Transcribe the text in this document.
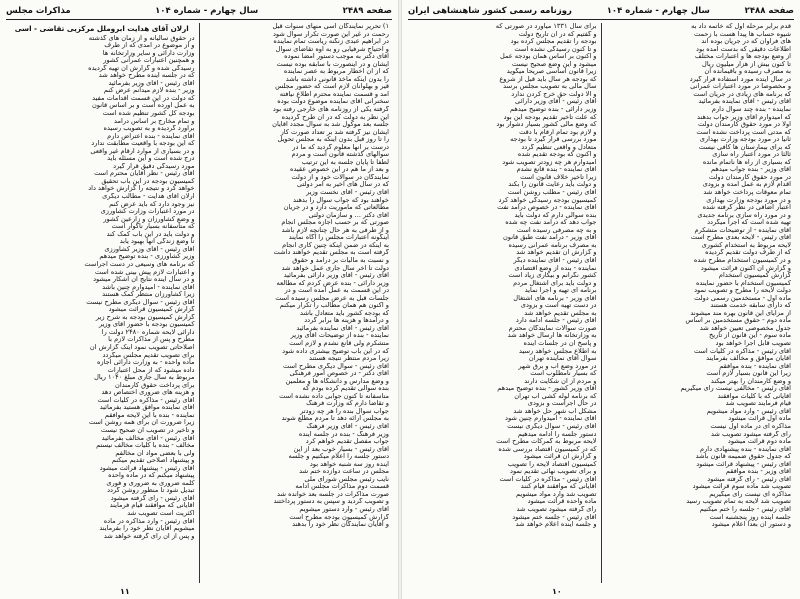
صفحه ۲۴۸۹
سال چهارم - شماره ۱۰۴
مذاکرات مجلس
۱) تحریر نمایندگان اسی منهای سنوات قبل
رحمت در غیر این صورت تکرار سوال شود
در ابراهیم عبدی زنگنه ریاست تمام نماینده
و احتیاج شرفیابی رو به اوه تقاضای سوال
آقای دکتر به موجب دستور امضا نموده
ایشان و در اینصورت با سابقه بوده نیست
که از آن اخطار مربوط به عصر نماینده
را بدون اینکه ماخذ قانونی داشته باشد
قیر و بهلوانان لازم است که حضور مجلس
آمد و قسمت نماینده محترم اطلاع نیافته
سخنرانی آقای نماینده موضوع دولت بوده
گرفته یکی از روزنامه های خارجی رفته بود
این نظر به دولت که در آن طرح گردیده
جلسه بعد موکول شد به سوال مجدد آقایان
ایشان نیز گرفته شد بر تعداد صورت کار
را تا روز قبل بدون اینکه به مجلس تحویل
درست بر آنها معلوم گردید که ما در
سوالهای گذشته قانون است و مردم
لطفاً تا پایان جلسه به این ترتیب
و بعد از ما هم در این خصوص عقیده
نمایندگان در سوالات خود و از دولت
که در سال های اخیر به امر دولتی
آقای رئیس - آقای نخست وزیر
خواهند بود که جواب سوال را بدهند
مطالعاتی که ماموریت دارد و در جریان
آقای دکتر ... و سازمان دولتی
صورتی که بر حسب اجازه مجلس انجام
و از طرفی به هر حال چنانچه لازم باشد
اینگونه اعتبارات مجلس را آگاه نمایند
به اینکه در ضمن اینکه چنین کاری انجام
گرفته است به مجلس تقدیم خواهند داشت
و نسبت به مالیات بر درآمد و حقوق
دولت تا آخر سال جاری عمل خواهد شد
آقای رئیس - آقای وزیر دارائی بفرمائید
وزیر دارائی - بنده عرض کردم که مطالعه
در این قسمت به عمل آمده است و در
جلسات قبل به عرض مجلس رسیده است
و اکنون هم همان مطالب را تکرار میکنم
که بودجه کشور باید متعادل باشد
و درآمدها و هزینه ها برابر گردد
آقای رئیس - آقای نماینده بفرمائید
نماینده - بنده از توضیحات آقای وزیر
متشکرم ولی قانع نشدم و لازم است
که در این باب توضیح بیشتری داده شود
زیرا مردم منتظر نتیجه هستند
آقای رئیس - سوال دیگری مطرح است
آقای دکتر - در خصوص امور فرهنگی
و وضع مدارس و دانشگاه ها و معلمین
بنده سوالی تقدیم کرده بودم که
متاسفانه تا کنون جوابی داده نشده است
و تقاضا دارم که وزارت فرهنگ
جواب سوال بنده را هر چه زودتر
به مجلس ارائه دهد تا مردم مطلع شوند
آقای رئیس - آقای وزیر فرهنگ
وزیر فرهنگ - بنده در جلسه آینده
جواب مفصل تقدیم خواهم کرد
آقای رئیس - بسیار خوب بعد از این
دستور جلسه را اعلام میکنیم و جلسه
آینده روز سه شنبه خواهد بود
مجلس در ساعت دوازده ختم شد
نایب رئیس مجلس شورای ملی
قسمت دوم مذاکرات مجلس ادامه
صورت مذاکرات در جلسه بعد خوانده شد
و تصویب گردید و سپس به دستور پرداختند
آقای رئیس - وارد دستور میشویم
گزارش کمیسیون بودجه مطرح است
و آقایان نمایندگان نظر خود را بدهند
ارلان آقای هدایت ابروملل مرکزیی تقاضی - اسی
در حقوق سالیانه و از زمان های گذشته
و از موضوع در آمدی که از طرف
وزارت دارائی و سایر وزارتخانه ها
و همچنین اعتبارات عمرانی کشور
رسیدگی شده و گزارش آن تهیه گردیده
که در جلسه آینده مطرح خواهد شد
آقای رئیس - آقای وزیر بفرمائید
وزیر - بنده لازم میدانم عرض کنم
که دولت در این قسمت اقدامات مفید
به عمل آورده است و بر اساس قانون
بودجه کل کشور تنظیم شده است
و تمام مخارج بر اساس درآمد
برآورد گردیده و به تصویب رسیده
آقای نماینده - بنده اعتراض دارم
که این بودجه با واقعیت مطابقت ندارد
و در بسیاری از موارد ارقام غیر واقعی
درج شده است و این مسئله باید
مورد رسیدگی دقیق قرار گیرد
آقای رئیس - نظر آقایان محترم است
کمیسیون بودجه در این باب تحقیق
خواهد کرد و نتیجه را گزارش خواهد داد
ارلان آقای هدایت - مطالب دیگری
نیز وجود دارد که باید عرض کنم
در مورد اعتبارات وزارت کشاورزی
و وضع کشاورزان و زارعین کشور
که متاسفانه بسیار ناگوار است
و دولت باید در این باب کمک کند
تا وضع زندگی آنها بهبود یابد
آقای رئیس - آقای وزیر کشاورزی
وزیر کشاورزی - بنده توضیح میدهم
که برنامه های وسیعی در دست اجراست
و اعتبارات لازم پیش بینی شده است
و در سال آینده نتایج آن آشکار میشود
آقای نماینده - امیدوارم چنین باشد
زیرا کشاورزان منتظر کمک هستند
آقای رئیس - سوال دیگری مطرح نیست
گزارش کمیسیون قرائت میشود
گزارش کمیسیون بودجه به شرح زیر
کمیسیون بودجه با حضور آقای وزیر
دارائی لایحه شماره ۲۴۸۰ دولت را
مطرح و پس از مذاکرات لازم با
اصلاحاتی تصویب نمود اینک گزارش آن
برای تصویب تقدیم مجلس میگردد
ماده واحده - به وزارت دارائی اجازه
داده میشود که از محل اعتبارات
مربوط به سال جاری مبلغ ۱۰۴۰ ریال
برای پرداخت حقوق کارمندان
و هزینه های ضروری اختصاص دهد
آقای رئیس - مذاکره در کلیات است
آقای نماینده موافق هستید بفرمائید
نماینده - بنده با این لایحه موافقم
زیرا ضرورت آن برای همه روشن است
و تاخیر در تصویب آن صحیح نیست
آقای رئیس - آقای مخالف بفرمائید
مخالف - بنده با کلیات مخالف نیستم
ولی با بعضی مواد آن مخالفم
و پیشنهاد اصلاحی تقدیم میکنم
آقای رئیس - پیشنهاد قرائت میشود
پیشنهاد میکنم که در ماده واحده
کلمه ضروری به ضروری و فوری
تبدیل شود تا منظور روشن گردد
آقای رئیس - رای گرفته میشود
آقایانی که موافقند قیام فرمایند
اکثریت است تصویب شد
آقای رئیس - وارد مذاکره در ماده
میشویم آقایان نظر خود را بفرمایند
و پس از آن رای گرفته خواهد شد
۱۱
صفحه ۲۴۸۸
سال چهارم - شماره ۱۰۴
روزنامه رسمی کشور شاهنشاهی ایران
قدم برابر مرحله اول که خاتمه داد به
شیوه حساب ها پیدا هست با زحمت
های فراوان که در جریان بوده اند
اطلاعات دقیقی که بدست آمده بود
از وضع بودجه ها و اعتبارات مختلف
تا کنون بیش از هزار میلیون ریال
به مصرف رسیده و باقیمانده آن
در سال آینده مورد استفاده قرار گیرد
و مخصوصاً در مورد اعتبارات عمرانی
که برنامه های زیادی در جریان است
آقای رئیس - آقای نماینده بفرمائید
نماینده - بنده چند سوال دارم
که امیدوارم آقای وزیر جواب بدهند
اولاً در مورد حقوق کارمندان دولت
که مدتی است پرداخت نشده است
ثانیاً در مورد بودجه وزارت بهداری
که برای بیمارستان ها کافی نیست
ثالثاً در مورد اعتبار راه سازی
که بسیاری از راه ها ناتمام مانده
آقای وزیر - بنده جواب میدهم
در مورد حقوق کارمندان دولت
اقدام لازم به عمل آمده و بزودی
تمام معوقات پرداخت خواهد شد
و در مورد بودجه وزارت بهداری
اعتبار اضافی در نظر گرفته شده
و در مورد راه سازی برنامه جدیدی
تهیه شده است که اجرا میگردد
آقای نماینده - از توضیحات متشکرم
آقای رئیس - لایحه بعدی مطرح است
لایحه مربوط به استخدام کشوری
که از طرف دولت تقدیم گردیده
و در کمیسیون استخدام مطرح شده
و گزارش آن اکنون قرائت میشود
گزارش کمیسیون استخدام
کمیسیون استخدام با حضور نماینده
دولت لایحه را مطرح و تصویب نمود
ماده اول - مستخدمین رسمی دولت
که دارای سابقه خدمت هستند
از مزایای این قانون بهره مند میشوند
ماده دوم - حقوق مستخدمین بر اساس
جدول مخصوصی تعیین خواهد شد
ماده سوم - این قانون از تاریخ
تصویب قابل اجرا خواهد بود
آقای رئیس - مذاکره در کلیات است
آقایان موافق و مخالف بفرمایند
آقای نماینده - بنده موافقم
زیرا این قانون بسیار لازم است
و وضع کارمندان را بهتر میکند
آقای رئیس - مخالفی نیست رای میگیریم
آقایانی که با کلیات موافقند
قیام فرمایند تصویب شد
آقای رئیس - وارد مواد میشویم
ماده اول قرائت میشود
مذاکره ای در ماده اول نیست
رای گرفته میشود تصویب شد
ماده دوم قرائت میشود
آقای نماینده - بنده پیشنهادی دارم
که جدول حقوق ضمیمه قانون باشد
آقای رئیس - پیشنهاد قرائت میشود
آقای وزیر - بنده موافقم
آقای رئیس - رای گرفته میشود
تصویب شد ماده سوم قرائت میشود
مذاکره ای نیست رای میگیریم
تصویب شد لایحه به تمام تصویب رسید
آقای رئیس - جلسه را ختم میکنیم
جلسه آینده روز پنجشنبه است
و دستور آن بعداً اعلام میشود
برای سال ۱۳۳۱ میآورد در صورتی که
و گفتیم که در آن تاریخ دولت
بودجه را تقدیم مجلس کرده بود
و تا کنون رسیدگی نشده است
و اکنون بر اساس همان بودجه عمل
میشود و این وضع صحیح نیست
زیرا قانون اساسی صریحاً میگوید
که بودجه هر سال باید قبل از شروع
سال مالی به تصویب مجلس برسد
و الا دولت حق خرج کردن ندارد
آقای رئیس - آقای وزیر دارائی
وزیر دارائی - بنده توضیح میدهم
که علت تاخیر تقدیم بودجه این بود
که وضع مالی کشور بسیار دشوار بود
و لازم بود تمام ارقام با دقت
مورد بررسی قرار گیرد تا بودجه
متعادل و واقعی تنظیم گردد
و اکنون که بودجه تقدیم شده
امیدوارم هر چه زودتر تصویب شود
آقای نماینده - بنده قانع نشدم
زیرا تاخیر خلاف قانون است
و دولت باید رعایت قانون را بکند
آقای رئیس - مطلب روشن است
کمیسیون بودجه رسیدگی خواهد کرد
آقای نماینده - در خصوص درآمد نفت
بنده سوالی دارم که دولت باید
جواب دهد که درآمد نفت چه شده
و به چه مصرفی رسیده است
آقای وزیر - درآمد نفت طبق قانون
به مصرف برنامه عمرانی رسیده
و گزارش آن تقدیم خواهد شد
آقای رئیس - آقای نماینده دیگر
نماینده - بنده از وضع اقتصادی
کشور نگرانم و بیکاری زیاد است
و دولت باید برای اشتغال مردم
برنامه ای تهیه و اجرا نماید
آقای وزیر - برنامه های اشتغال
در دست تهیه است و بزودی
به مجلس تقدیم خواهد شد
آقای رئیس - جلسه ادامه دارد
صورت سوالات نمایندگان محترم
به وزارتخانه ها ارسال خواهد شد
و پاسخ آن در جلسات آینده
به اطلاع مجلس خواهد رسید
سوال آقای نماینده تهران
در مورد وضع آب و برق شهر
که بسیار نامطلوب است
و مردم از آن شکایت دارند
آقای وزیر کشور - بنده توضیح میدهم
که برنامه لوله کشی آب تهران
در حال اجراست و بزودی
مشکل آب شهر حل خواهد شد
آقای نماینده - امیدوارم چنین شود
آقای رئیس - سوال دیگری نیست
دستور جلسه را ادامه میدهیم
لایحه مربوط به گمرکات مطرح است
که در کمیسیون اقتصاد بررسی شده
و گزارش آن قرائت میشود
کمیسیون اقتصاد لایحه را تصویب
و برای تصویب نهائی تقدیم نمود
آقای رئیس - مذاکره در کلیات است
آقایانی که موافقند قیام کنند
تصویب شد وارد مواد میشویم
ماده واحده قرائت میشود
رای گرفته میشود تصویب شد
آقای رئیس - جلسه ختم میشود
و جلسه آینده اعلام خواهد شد
۱۰
